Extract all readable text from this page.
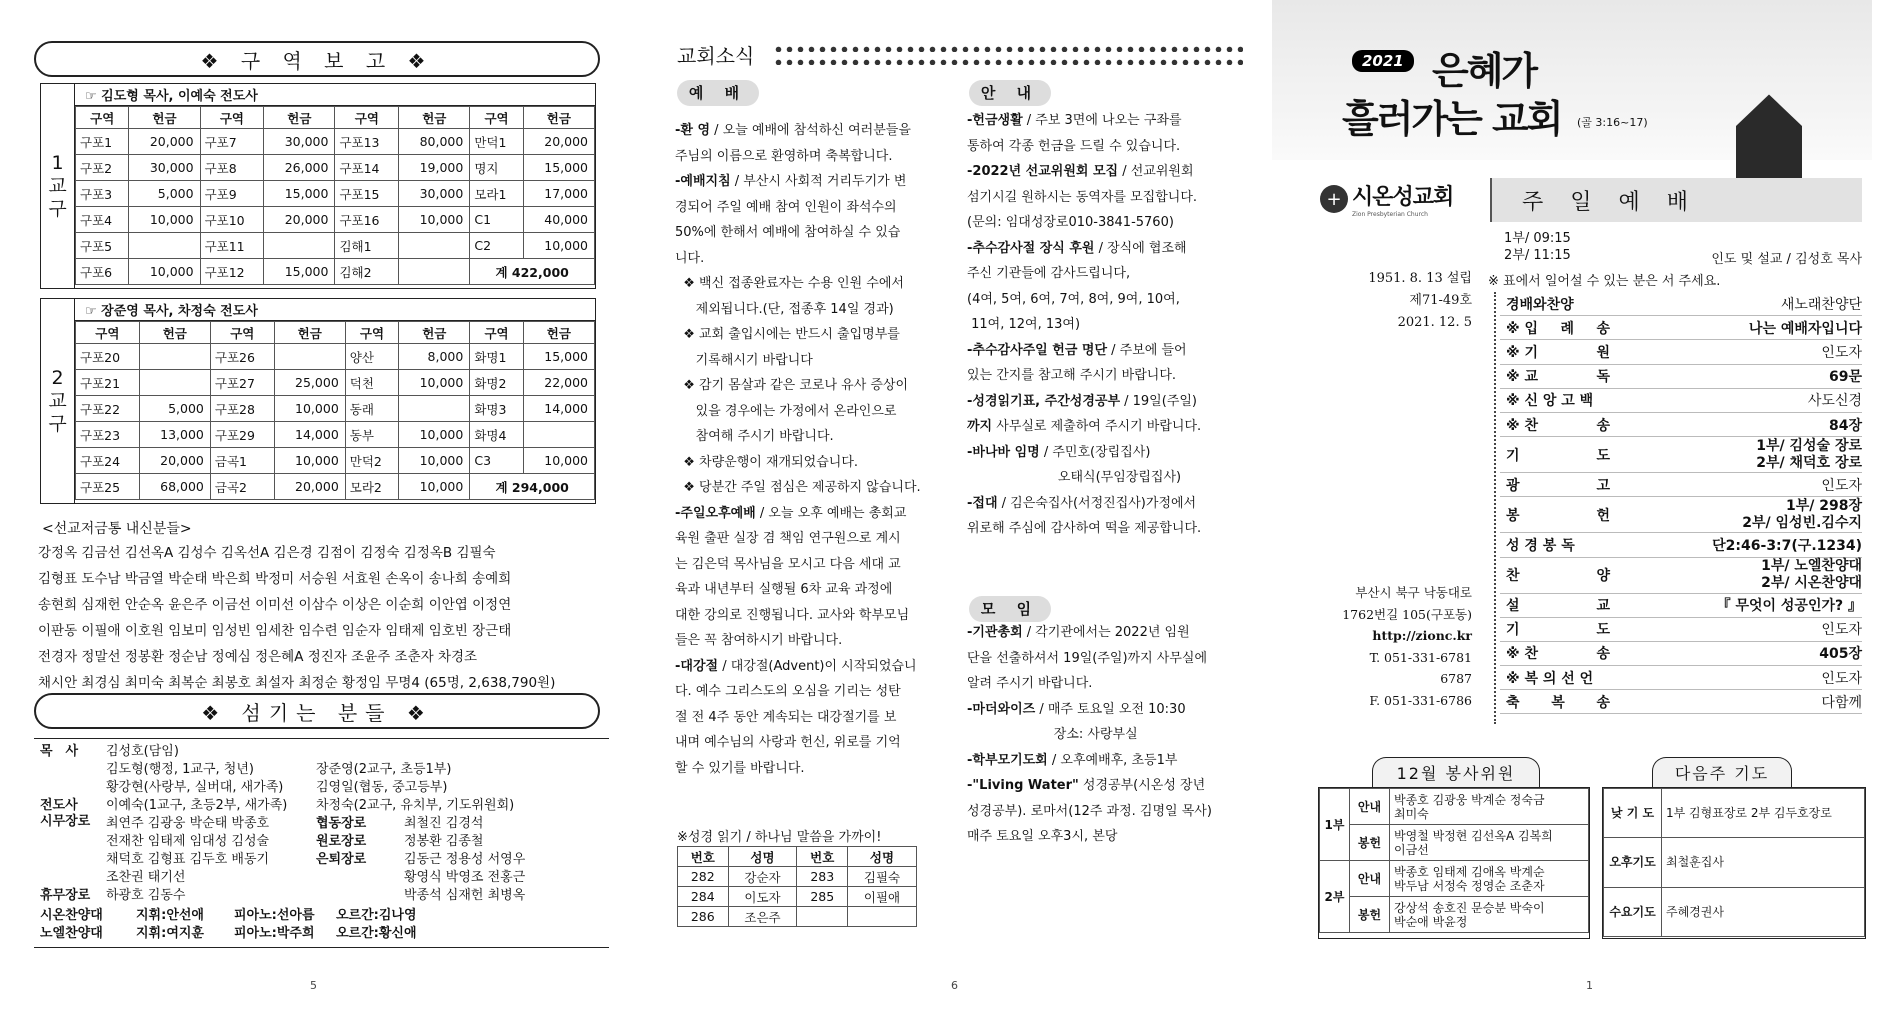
❖ 구 역 보 고 ❖
1
교
구
☞ 김도형 목사, 이예숙 전도사
구역	헌금	구역	헌금	구역	헌금	구역	헌금
구포1	20,000	구포7	30,000	구포13	80,000	만덕1	20,000
구포2	30,000	구포8	26,000	구포14	19,000	명지	15,000
구포3	5,000	구포9	15,000	구포15	30,000	모라1	17,000
구포4	10,000	구포10	20,000	구포16	10,000	C1	40,000
구포5		구포11		김해1		C2	10,000
구포6	10,000	구포12	15,000	김해2		계 422,000	
2
교
구
☞ 장준영 목사, 차정숙 전도사
구역	헌금	구역	헌금	구역	헌금	구역	헌금
구포20		구포26		양산	8,000	화명1	15,000
구포21		구포27	25,000	덕천	10,000	화명2	22,000
구포22	5,000	구포28	10,000	동래		화명3	14,000
구포23	13,000	구포29	14,000	동부	10,000	화명4	
구포24	20,000	금곡1	10,000	만덕2	10,000	C3	10,000
구포25	68,000	금곡2	20,000	모라2	10,000	계 294,000	
<선교저금통 내신분들>
강정옥 김금선 김선옥A 김성수 김옥선A 김은경 김점이 김정숙 김정옥B 김필숙
김형표 도수남 박금열 박순태 박은희 박정미 서승원 서효원 손옥이 송나희 송예희
송현희 심재헌 안순옥 윤은주 이금선 이미선 이삼수 이상은 이순희 이안엽 이정연
이판동 이필애 이호원 임보미 임성빈 임세찬 임수련 임순자 임태제 임호빈 장근태
전경자 정말선 정봉환 정순남 정예심 정은혜A 정진자 조윤주 조춘자 차경조
채시안 최경심 최미숙 최복순 최봉호 최설자 최정순 황정임 무명4 (65명, 2,638,790원)
❖ 섬기는 분들 ❖
목　사 김성호(담임)
김도형(행정, 1교구, 청년)	장준영(2교구, 초등1부)
황강현(사랑부, 실버대, 새가족)	김영일(협동, 중고등부)
전도사 이예숙(1교구, 초등2부, 새가족) 차정숙(2교구, 유치부, 기도위원회)
시무장로 최연주 김광웅 박순태 박종호	협동장로	최철진 김경석
전재찬 임태제 임대성 김성술	원로장로	정봉환 김종철
채덕호 김형표 김두호 배동기	은퇴장로	김동근 정용성 서영우
조찬권 태기선	황영식 박영조 전홍근
휴무장로 하광호 김동수	박종석 심재헌 최병옥
시온찬양대	지휘:안선애 피아노:선아름 오르간:김나영
노엘찬양대	지휘:여지훈 피아노:박주희 오르간:황신애
5
교회소식
예 배
-환 영 / 오늘 예배에 참석하신 여러분들을
주님의 이름으로 환영하며 축복합니다.
-예배지침 / 부산시 사회적 거리두기가 변
경되어 주일 예배 참여 인원이 좌석수의
50%에 한해서 예배에 참여하실 수 있습
니다.
❖ 백신 접종완료자는 수용 인원 수에서
제외됩니다.(단, 접종후 14일 경과)
❖ 교회 출입시에는 반드시 출입명부를
기록해시기 바랍니다
❖ 감기 몸살과 같은 코로나 유사 증상이
있을 경우에는 가정에서 온라인으로
참여해 주시기 바랍니다.
❖ 차량운행이 재개되었습니다.
❖ 당분간 주일 점심은 제공하지 않습니다.
-주일오후예배 / 오늘 오후 예배는 총회교
육원 출판 실장 겸 책임 연구원으로 계시
는 김은덕 목사님을 모시고 다음 세대 교
육과 내년부터 실행될 6차 교육 과정에
대한 강의로 진행됩니다. 교사와 학부모님
들은 꼭 참여하시기 바랍니다.
-대강절 / 대강절(Advent)이 시작되었습니
다. 예수 그리스도의 오심을 기리는 성탄
절 전 4주 동안 계속되는 대강절기를 보
내며 예수님의 사랑과 헌신, 위로를 기억
할 수 있기를 바랍니다.
※성경 읽기 / 하나님 말씀을 가까이!
번호	성명	번호	성명
282	강순자	283	김필숙
284	이도자	285	이필애
286	조은주		
안 내
-헌금생활 / 주보 3면에 나오는 구좌를
통하여 각종 헌금을 드릴 수 있습니다.
-2022년 선교위원회 모집 / 선교위원회
섬기시길 원하시는 동역자를 모집합니다.
(문의: 임대성장로010-3841-5760)
-추수감사절 장식 후원 / 장식에 협조해
주신 기관들에 감사드립니다,
(4여, 5여, 6여, 7여, 8여, 9여, 10여,
11여, 12여, 13여)
-추수감사주일 헌금 명단 / 주보에 들어
있는 간지를 참고해 주시기 바랍니다.
-성경읽기표, 주간성경공부 / 19일(주일)
까지 사무실로 제출하여 주시기 바랍니다.
-바나바 임명 / 주민호(장립집사)
오태식(무임장립집사)
-접대 / 김은숙집사(서정진집사)가정에서
위로해 주심에 감사하여 떡을 제공합니다.
모 임
-기관총회 / 각기관에서는 2022년 임원
단을 선출하셔서 19일(주일)까지 사무실에
알려 주시기 바랍니다.
-마더와이즈 / 매주 토요일 오전 10:30
장소: 사랑부실
-학부모기도회 / 오후예배후, 초등1부
-"Living Water" 성경공부(시온성 장년
성경공부). 로마서(12주 과정. 김명일 목사)
매주 토요일 오후3시, 본당
6
2021 은혜가
흘러가는 교회 (골 3:16~17)
+ 시온성교회
Zion Presbyterian Church	주 일 예 배
1부/ 09:15
2부/ 11:15	인도 및 설교 / 김성호 목사
※ 표에서 일어설 수 있는 분은 서 주세요.
1951. 8. 13 설립
제71-49호
2021. 12. 5
경배와찬양	새노래찬양단
※ 입 례 송	나는 예배자입니다
※ 기	원	인도자
※ 교	독	69문
※ 신 앙 고 백	사도신경
※ 찬	송	84장
기	도
1부/ 김성술 장로
2부/ 채덕호 장로
광	고	인도자
봉	헌
1부/ 298장
2부/ 임성빈.김수지
성 경 봉 독	단2:46-3:7(구.1234)
찬	양
1부/ 노엘찬양대
2부/ 시온찬양대
설	교	『 무엇이 성공인가? 』
기	도	인도자
※ 찬	송	405장
※ 복 의 선 언	인도자
축 복 송	다함께
부산시 북구 낙동대로
1762번길 105(구포동)
http://zionc.kr
T. 051-331-6781
6787
F. 051-331-6786
12월 봉사위원
1부	안내	박종호 김광웅 박계순 정숙금
최미숙

	봉헌	박영철 박정현 김선옥A 김복희
이금선

2부	안내	박종호 임태제 김애옥 박계순
박두남 서정숙 정영순 조춘자

	봉헌	강상석 송호진 문승분 박숙이
박순애 박윤정
다음주 기도
낮 기 도	1부 김형표장로 2부 김두호장로
오후기도	최철훈집사
수요기도	주혜경권사
1
